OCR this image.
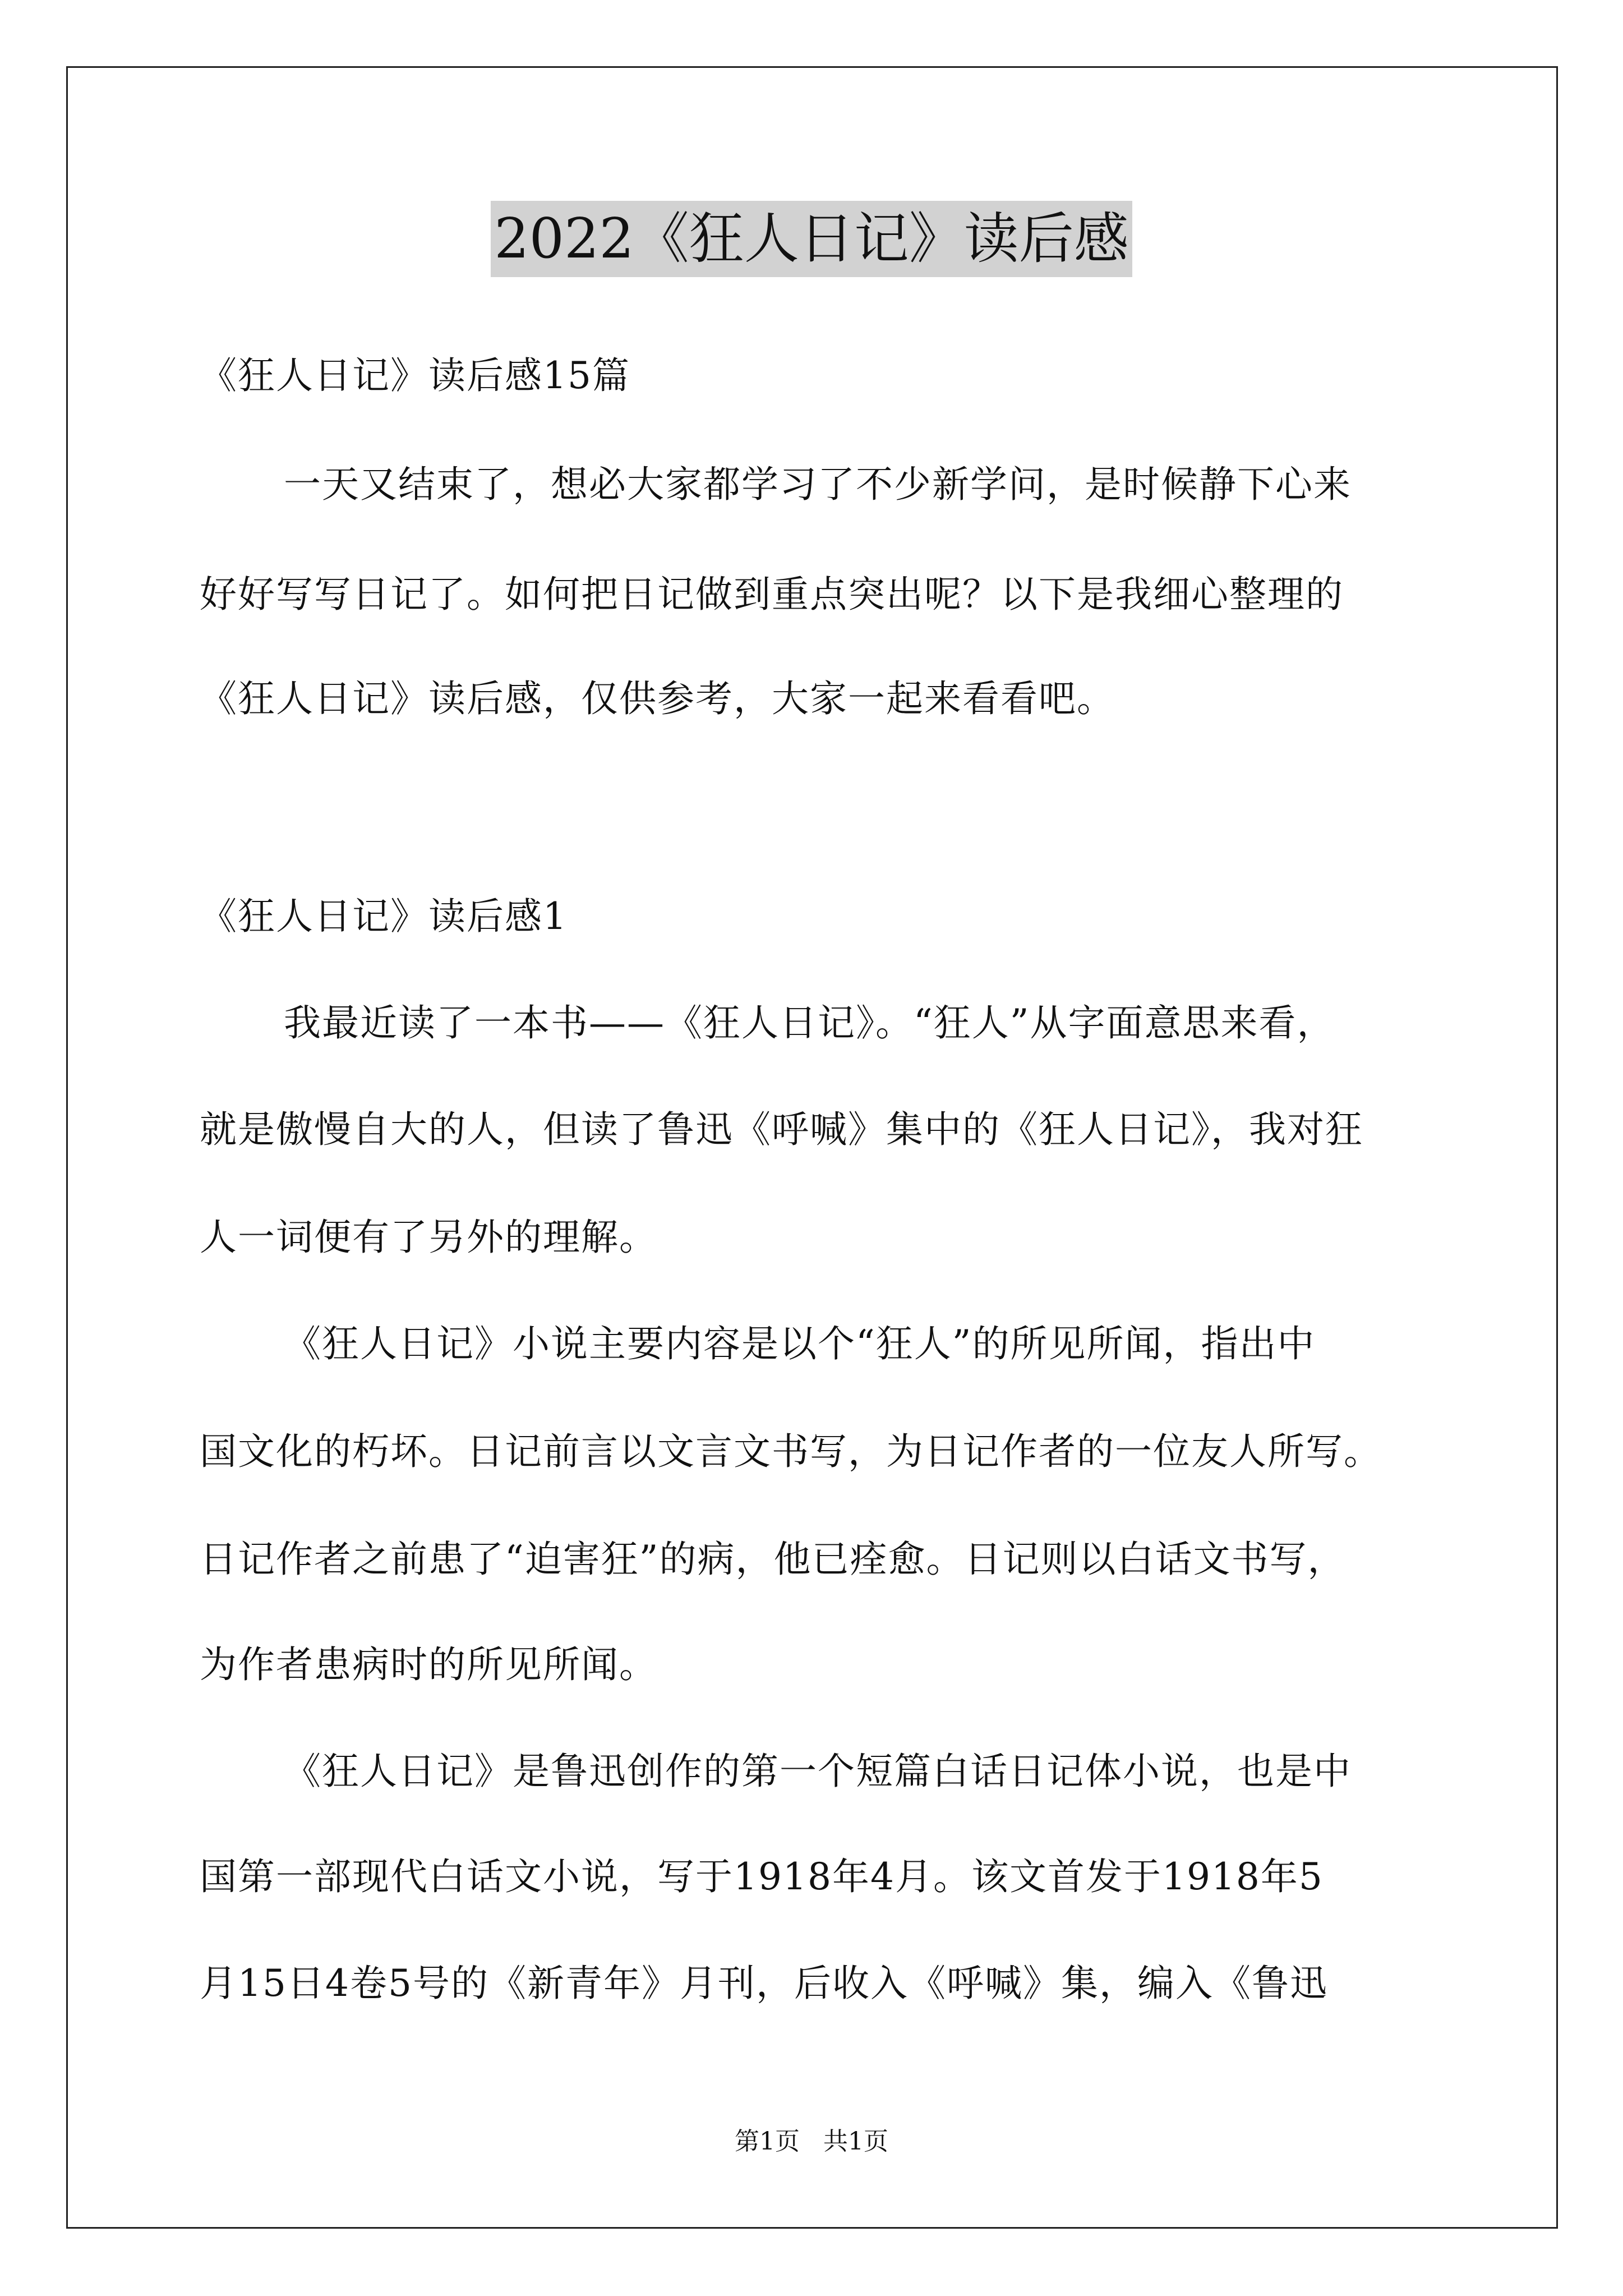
2022《狂人日记》读后感
《狂人日记》读后感15篇
一天又结束了，想必大家都学习了不少新学问，是时候静下心来
好好写写日记了。如何把日记做到重点突出呢？以下是我细心整理的
《狂人日记》读后感，仅供参考，大家一起来看看吧。
《狂人日记》读后感1
我最近读了一本书——《狂人日记》。“狂人”从字面意思来看，
就是傲慢自大的人，但读了鲁迅《呼喊》集中的《狂人日记》，我对狂
人一词便有了另外的理解。
《狂人日记》小说主要内容是以个“狂人”的所见所闻，指出中
国文化的朽坏。日记前言以文言文书写，为日记作者的一位友人所写。
日记作者之前患了“迫害狂”的病，他已痊愈。日记则以白话文书写，
为作者患病时的所见所闻。
《狂人日记》是鲁迅创作的第一个短篇白话日记体小说，也是中
国第一部现代白话文小说，写于1918年4月。该文首发于1918年5
月15日4卷5号的《新青年》月刊，后收入《呼喊》集，编入《鲁迅
第1页   共1页
